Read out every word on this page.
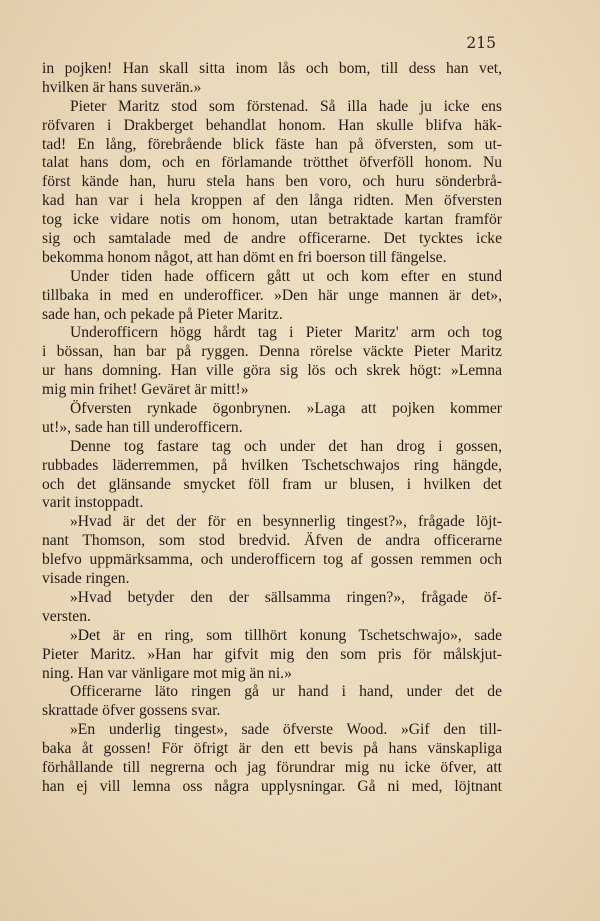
215
in pojken! Han skall sitta inom lås och bom, till dess han vet,
hvilken är hans suverän.»
Pieter Maritz stod som förstenad. Så illa hade ju icke ens
röfvaren i Drakberget behandlat honom. Han skulle blifva häk-
tad! En lång, förebrående blick fäste han på öfversten, som ut-
talat hans dom, och en förlamande trötthet öfverföll honom. Nu
först kände han, huru stela hans ben voro, och huru sönderbrå-
kad han var i hela kroppen af den långa ridten. Men öfversten
tog icke vidare notis om honom, utan betraktade kartan framför
sig och samtalade med de andre officerarne. Det tycktes icke
bekomma honom något, att han dömt en fri boerson till fängelse.
Under tiden hade officern gått ut och kom efter en stund
tillbaka in med en underofficer. »Den här unge mannen är det»,
sade han, och pekade på Pieter Maritz.
Underofficern högg hårdt tag i Pieter Maritz' arm och tog
i bössan, han bar på ryggen. Denna rörelse väckte Pieter Maritz
ur hans domning. Han ville göra sig lös och skrek högt: »Lemna
mig min frihet! Geväret är mitt!»
Öfversten rynkade ögonbrynen. »Laga att pojken kommer
ut!», sade han till underofficern.
Denne tog fastare tag och under det han drog i gossen,
rubbades läderremmen, på hvilken Tschetschwajos ring hängde,
och det glänsande smycket föll fram ur blusen, i hvilken det
varit instoppadt.
»Hvad är det der för en besynnerlig tingest?», frågade löjt-
nant Thomson, som stod bredvid. Äfven de andra officerarne
blefvo uppmärksamma, och underofficern tog af gossen remmen och
visade ringen.
»Hvad betyder den der sällsamma ringen?», frågade öf-
versten.
»Det är en ring, som tillhört konung Tschetschwajo», sade
Pieter Maritz. »Han har gifvit mig den som pris för målskjut-
ning. Han var vänligare mot mig än ni.»
Officerarne läto ringen gå ur hand i hand, under det de
skrattade öfver gossens svar.
»En underlig tingest», sade öfverste Wood. »Gif den till-
baka åt gossen! För öfrigt är den ett bevis på hans vänskapliga
förhållande till negrerna och jag förundrar mig nu icke öfver, att
han ej vill lemna oss några upplysningar. Gå ni med, löjtnant
